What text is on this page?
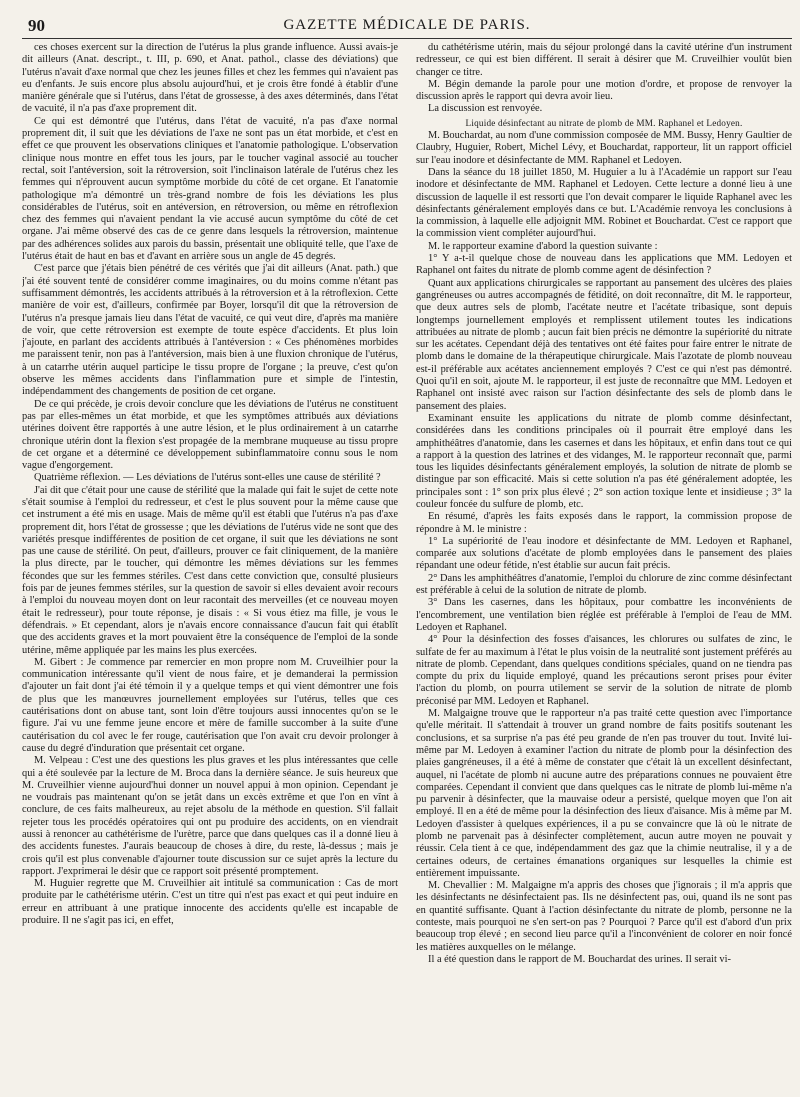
90	GAZETTE MÉDICALE DE PARIS.

ces choses exercent sur la direction de l'utérus la plus grande influence. Aussi avais-je dit ailleurs (Anat. descript., t. III, p. 690, et Anat. pathol., classe des déviations) que l'utérus n'avait d'axe normal que chez les jeunes filles et chez les femmes qui n'avaient pas eu d'enfants. Je suis encore plus absolu aujourd'hui, et je crois être fondé à établir d'une manière générale que si l'utérus, dans l'état de grossesse, à des axes déterminés, dans l'état de vacuité, il n'a pas d'axe proprement dit.

Ce qui est démontré que l'utérus, dans l'état de vacuité, n'a pas d'axe normal proprement dit, il suit que les déviations de l'axe ne sont pas un état morbide, et c'est en effet ce que prouvent les observations cliniques et l'anatomie pathologique. L'observation clinique nous montre en effet tous les jours, par le toucher vaginal associé au toucher rectal, soit l'antéversion, soit la rétroversion, soit l'inclinaison latérale de l'utérus chez les femmes qui n'éprouvent aucun symptôme morbide du côté de cet organe. Et l'anatomie pathologique m'a démontré un très-grand nombre de fois les déviations les plus considérables de l'utérus, soit en antéversion, en rétroversion, ou même en rétroflexion chez des femmes qui n'avaient pendant la vie accusé aucun symptôme du côté de cet organe. J'ai même observé des cas de ce genre dans lesquels la rétroversion, maintenue par des adhérences solides aux parois du bassin, présentait une obliquité telle, que l'axe de l'utérus était de haut en bas et d'avant en arrière sous un angle de 45 degrés.

C'est parce que j'étais bien pénétré de ces vérités que j'ai dit ailleurs (Anat. path.) que j'ai été souvent tenté de considérer comme imaginaires, ou du moins comme n'étant pas suffisamment démontrés, les accidents attribués à la rétroversion et à la rétroflexion. Cette manière de voir est, d'ailleurs, confirmée par Boyer, lorsqu'il dit que la rétroversion de l'utérus n'a presque jamais lieu dans l'état de vacuité, ce qui veut dire, d'après ma manière de voir, que cette rétroversion est exempte de toute espèce d'accidents. Et plus loin j'ajoute, en parlant des accidents attribués à l'antéversion : « Ces phénomènes morbides me paraissent tenir, non pas à l'antéversion, mais bien à une fluxion chronique de l'utérus, à un catarrhe utérin auquel participe le tissu propre de l'organe ; la preuve, c'est qu'on observe les mêmes accidents dans l'inflammation pure et simple de l'intestin, indépendamment des changements de position de cet organe.

De ce qui précède, je crois devoir conclure que les déviations de l'utérus ne constituent pas par elles-mêmes un état morbide, et que les symptômes attribués aux déviations utérines doivent être rapportés à une autre lésion, et le plus ordinairement à un catarrhe chronique utérin dont la flexion s'est propagée de la membrane muqueuse au tissu propre de cet organe et a déterminé ce développement subinflammatoire connu sous le nom vague d'engorgement.

Quatrième réflexion. — Les déviations de l'utérus sont-elles une cause de stérilité ?

J'ai dit que c'était pour une cause de stérilité que la malade qui fait le sujet de cette note s'était soumise à l'emploi du redresseur, et c'est le plus souvent pour la même cause que cet instrument a été mis en usage. Mais de même qu'il est établi que l'utérus n'a pas d'axe proprement dit, hors l'état de grossesse ; que les déviations de l'utérus vide ne sont que des variétés presque indifférentes de position de cet organe, il suit que les déviations ne sont pas une cause de stérilité. On peut, d'ailleurs, prouver ce fait cliniquement, de la manière la plus directe, par le toucher, qui démontre les mêmes déviations sur les femmes fécondes que sur les femmes stériles. C'est dans cette conviction que, consulté plusieurs fois par de jeunes femmes stériles, sur la question de savoir si elles devaient avoir recours à l'emploi du nouveau moyen dont on leur racontait des merveilles (et ce nouveau moyen était le redresseur), pour toute réponse, je disais : « Si vous étiez ma fille, je vous le défendrais. » Et cependant, alors je n'avais encore connaissance d'aucun fait qui établît que des accidents graves et la mort pouvaient être la conséquence de l'emploi de la sonde utérine, même appliquée par les mains les plus exercées.

M. Gibert : Je commence par remercier en mon propre nom M. Cruveilhier pour la communication intéressante qu'il vient de nous faire, et je demanderai la permission d'ajouter un fait dont j'ai été témoin il y a quelque temps et qui vient démontrer une fois de plus que les manœuvres journellement employées sur l'utérus, telles que ces cautérisations dont on abuse tant, sont loin d'être toujours aussi innocentes qu'on se le figure. J'ai vu une femme jeune encore et mère de famille succomber à la suite d'une cautérisation du col avec le fer rouge, cautérisation que l'on avait cru devoir prolonger à cause du degré d'induration que présentait cet organe.

M. Velpeau : C'est une des questions les plus graves et les plus intéressantes que celle qui a été soulevée par la lecture de M. Broca dans la dernière séance. Je suis heureux que M. Cruveilhier vienne aujourd'hui donner un nouvel appui à mon opinion. Cependant je ne voudrais pas maintenant qu'on se jetât dans un excès extrême et que l'on en vînt à conclure, de ces faits malheureux, au rejet absolu de la méthode en question. S'il fallait rejeter tous les procédés opératoires qui ont pu produire des accidents, on en viendrait aussi à renoncer au cathétérisme de l'urètre, parce que dans quelques cas il a donné lieu à des accidents funestes. J'aurais beaucoup de choses à dire, du reste, là-dessus ; mais je crois qu'il est plus convenable d'ajourner toute discussion sur ce sujet après la lecture du rapport. J'exprimerai le désir que ce rapport soit présenté promptement.

M. Huguier regrette que M. Cruveilhier ait intitulé sa communication : Cas de mort produite par le cathétérisme utérin. C'est un titre qui n'est pas exact et qui peut induire en erreur en attribuant à une pratique innocente des accidents qu'elle est incapable de produire. Il ne s'agit pas ici, en effet,

du cathétérisme utérin, mais du séjour prolongé dans la cavité utérine d'un instrument redresseur, ce qui est bien différent. Il serait à désirer que M. Cruveilhier voulût bien changer ce titre.

M. Bégin demande la parole pour une motion d'ordre, et propose de renvoyer la discussion après le rapport qui devra avoir lieu.

La discussion est renvoyée.

Liquide désinfectant au nitrate de plomb de MM. Raphanel et Ledoyen.

M. Bouchardat, au nom d'une commission composée de MM. Bussy, Henry Gaultier de Claubry, Huguier, Robert, Michel Lévy, et Bouchardat, rapporteur, lit un rapport officiel sur l'eau inodore et désinfectante de MM. Raphanel et Ledoyen.

Dans la séance du 18 juillet 1850, M. Huguier a lu à l'Académie un rapport sur l'eau inodore et désinfectante de MM. Raphanel et Ledoyen. Cette lecture a donné lieu à une discussion de laquelle il est ressorti que l'on devait comparer le liquide Raphanel avec les désinfectants généralement employés dans ce but. L'Académie renvoya les conclusions à la commission, à laquelle elle adjoignit MM. Robinet et Bouchardat. C'est ce rapport que la commission vient compléter aujourd'hui.

M. le rapporteur examine d'abord la question suivante :

1° Y a-t-il quelque chose de nouveau dans les applications que MM. Ledoyen et Raphanel ont faites du nitrate de plomb comme agent de désinfection ?

Quant aux applications chirurgicales se rapportant au pansement des ulcères des plaies gangréneuses ou autres accompagnés de fétidité, on doit reconnaître, dit M. le rapporteur, que deux autres sels de plomb, l'acétate neutre et l'acétate tribasique, sont depuis longtemps journellement employés et remplissent utilement toutes les indications attribuées au nitrate de plomb ; aucun fait bien précis ne démontre la supériorité du nitrate sur les acétates. Cependant déjà des tentatives ont été faites pour faire entrer le nitrate de plomb dans le domaine de la thérapeutique chirurgicale. Mais l'azotate de plomb nouveau est-il préférable aux acétates anciennement employés ? C'est ce qui n'est pas démontré. Quoi qu'il en soit, ajoute M. le rapporteur, il est juste de reconnaître que MM. Ledoyen et Raphanel ont insisté avec raison sur l'action désinfectante des sels de plomb dans le pansement des plaies.

Examinant ensuite les applications du nitrate de plomb comme désinfectant, considérées dans les conditions principales où il pourrait être employé dans les amphithéâtres d'anatomie, dans les casernes et dans les hôpitaux, et enfin dans tout ce qui a rapport à la question des latrines et des vidanges, M. le rapporteur reconnaît que, parmi tous les liquides désinfectants généralement employés, la solution de nitrate de plomb se distingue par son efficacité. Mais si cette solution n'a pas été généralement adoptée, les principales sont : 1° son prix plus élevé ; 2° son action toxique lente et insidieuse ; 3° la couleur foncée du sulfure de plomb, etc.

En résumé, d'après les faits exposés dans le rapport, la commission propose de répondre à M. le ministre :

1° La supériorité de l'eau inodore et désinfectante de MM. Ledoyen et Raphanel, comparée aux solutions d'acétate de plomb employées dans le pansement des plaies répandant une odeur fétide, n'est établie sur aucun fait précis.

2° Dans les amphithéâtres d'anatomie, l'emploi du chlorure de zinc comme désinfectant est préférable à celui de la solution de nitrate de plomb.

3° Dans les casernes, dans les hôpitaux, pour combattre les inconvénients de l'encombrement, une ventilation bien réglée est préférable à l'emploi de l'eau de MM. Ledoyen et Raphanel.

4° Pour la désinfection des fosses d'aisances, les chlorures ou sulfates de zinc, le sulfate de fer au maximum à l'état le plus voisin de la neutralité sont justement préférés au nitrate de plomb. Cependant, dans quelques conditions spéciales, quand on ne tiendra pas compte du prix du liquide employé, quand les précautions seront prises pour éviter l'action du plomb, on pourra utilement se servir de la solution de nitrate de plomb préconisé par MM. Ledoyen et Raphanel.

M. Malgaigne trouve que le rapporteur n'a pas traité cette question avec l'importance qu'elle méritait. Il s'attendait à trouver un grand nombre de faits positifs soutenant les conclusions, et sa surprise n'a pas été peu grande de n'en pas trouver du tout. Invité lui-même par M. Ledoyen à examiner l'action du nitrate de plomb pour la désinfection des plaies gangréneuses, il a été à même de constater que c'était là un excellent désinfectant, auquel, ni l'acétate de plomb ni aucune autre des préparations connues ne pouvaient être comparées. Cependant il convient que dans quelques cas le nitrate de plomb lui-même n'a pu parvenir à désinfecter, que la mauvaise odeur a persisté, quelque moyen que l'on ait employé. Il en a été de même pour la désinfection des lieux d'aisance. Mis à même par M. Ledoyen d'assister à quelques expériences, il a pu se convaincre que là où le nitrate de plomb ne parvenait pas à désinfecter complètement, aucun autre moyen ne pouvait y réussir. Cela tient à ce que, indépendamment des gaz que la chimie neutralise, il y a de certaines odeurs, de certaines émanations organiques sur lesquelles la chimie est entièrement impuissante.

M. Chevallier : M. Malgaigne m'a appris des choses que j'ignorais ; il m'a appris que les désinfectants ne désinfectaient pas. Ils ne désinfectent pas, oui, quand ils ne sont pas en quantité suffisante. Quant à l'action désinfectante du nitrate de plomb, personne ne la conteste, mais pourquoi ne s'en sert-on pas ? Pourquoi ? Parce qu'il est d'abord d'un prix beaucoup trop élevé ; en second lieu parce qu'il a l'inconvénient de colorer en noir foncé les matières auxquelles on le mélange.

Il a été question dans le rapport de M. Bouchardat des urines. Il serait vi-
